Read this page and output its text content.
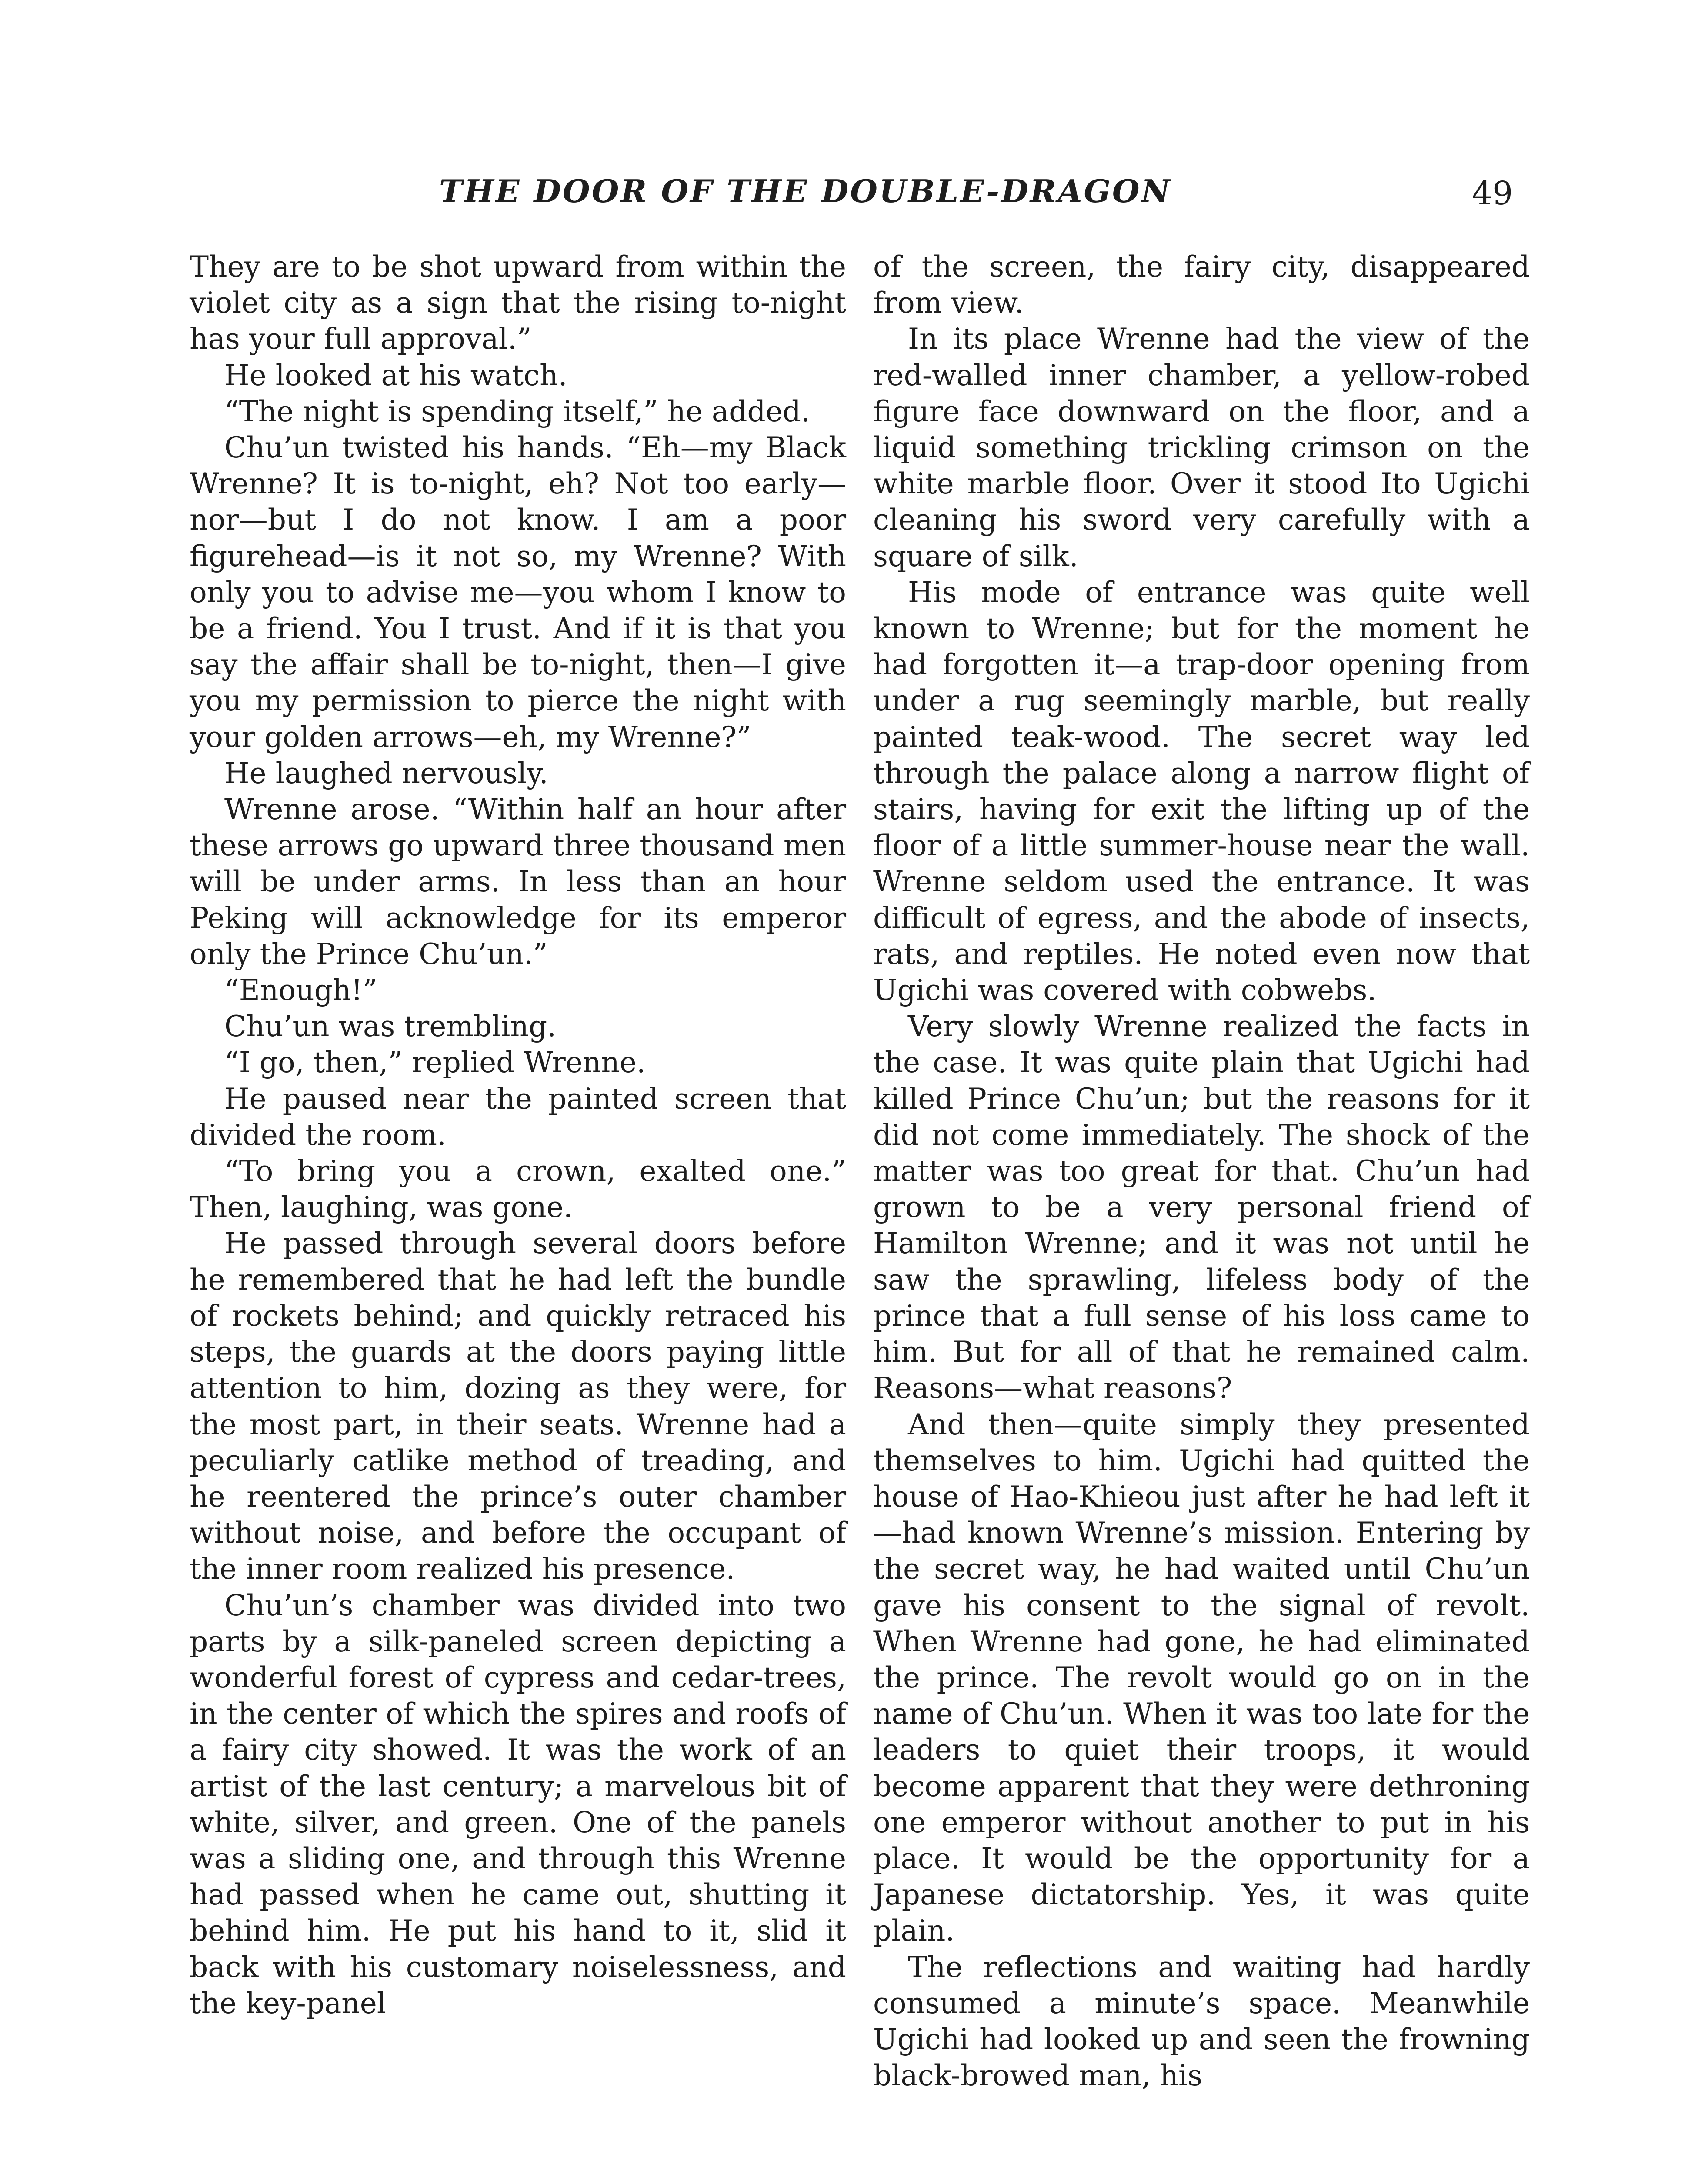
THE DOOR OF THE DOUBLE-DRAGON	49

They are to be shot upward from within the violet city as a sign that the rising to-night has your full approval.”

He looked at his watch.

“The night is spending itself,” he added.

Chu’un twisted his hands. “Eh—my Black Wrenne? It is to-night, eh? Not too early—nor—but I do not know. I am a poor figurehead—is it not so, my Wrenne? With only you to advise me—you whom I know to be a friend. You I trust. And if it is that you say the affair shall be to-night, then—I give you my permission to pierce the night with your golden arrows—eh, my Wrenne?”

He laughed nervously.

Wrenne arose. “Within half an hour after these arrows go upward three thousand men will be under arms. In less than an hour Peking will acknowledge for its emperor only the Prince Chu’un.”

“Enough!”

Chu’un was trembling.

“I go, then,” replied Wrenne.

He paused near the painted screen that divided the room.

“To bring you a crown, exalted one.” Then, laughing, was gone.

He passed through several doors before he remembered that he had left the bundle of rockets behind; and quickly retraced his steps, the guards at the doors paying little attention to him, dozing as they were, for the most part, in their seats. Wrenne had a peculiarly catlike method of treading, and he reentered the prince’s outer chamber without noise, and before the occupant of the inner room realized his presence.

Chu’un’s chamber was divided into two parts by a silk-paneled screen depicting a wonderful forest of cypress and cedar-trees, in the center of which the spires and roofs of a fairy city showed. It was the work of an artist of the last century; a marvelous bit of white, silver, and green. One of the panels was a sliding one, and through this Wrenne had passed when he came out, shutting it behind him. He put his hand to it, slid it back with his customary noiselessness, and the key-panel

of the screen, the fairy city, disappeared from view.

In its place Wrenne had the view of the red-walled inner chamber, a yellow-robed figure face downward on the floor, and a liquid something trickling crimson on the white marble floor. Over it stood Ito Ugichi cleaning his sword very carefully with a square of silk.

His mode of entrance was quite well known to Wrenne; but for the moment he had forgotten it—a trap-door opening from under a rug seemingly marble, but really painted teak-wood. The secret way led through the palace along a narrow flight of stairs, having for exit the lifting up of the floor of a little summer-house near the wall. Wrenne seldom used the entrance. It was difficult of egress, and the abode of insects, rats, and reptiles. He noted even now that Ugichi was covered with cobwebs.

Very slowly Wrenne realized the facts in the case. It was quite plain that Ugichi had killed Prince Chu’un; but the reasons for it did not come immediately. The shock of the matter was too great for that. Chu’un had grown to be a very personal friend of Hamilton Wrenne; and it was not until he saw the sprawling, lifeless body of the prince that a full sense of his loss came to him. But for all of that he remained calm. Reasons—what reasons?

And then—quite simply they presented themselves to him. Ugichi had quitted the house of Hao-Khieou just after he had left it—had known Wrenne’s mission. Entering by the secret way, he had waited until Chu’un gave his consent to the signal of revolt. When Wrenne had gone, he had eliminated the prince. The revolt would go on in the name of Chu’un. When it was too late for the leaders to quiet their troops, it would become apparent that they were dethroning one emperor without another to put in his place. It would be the opportunity for a Japanese dictatorship. Yes, it was quite plain.

The reflections and waiting had hardly consumed a minute’s space. Meanwhile Ugichi had looked up and seen the frowning black-browed man, his
